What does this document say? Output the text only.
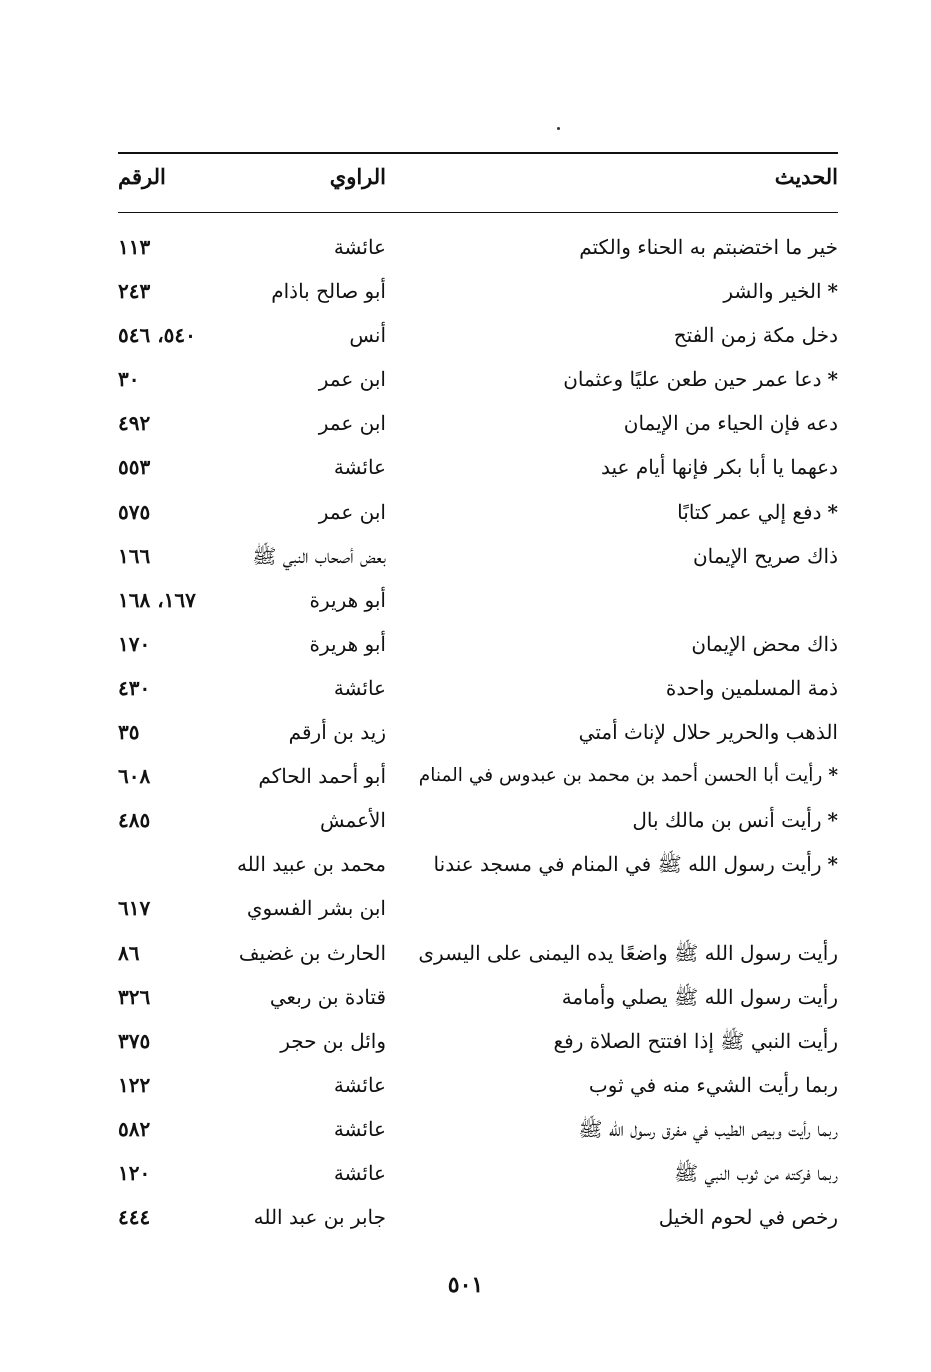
الحديث
الراوي
الرقم
خير ما اختضبتم به الحناء والكتم
عائشة
١١٣
*الخير والشر
أبو صالح باذام
٢٤٣
دخل مكة زمن الفتح
أنس
٥٤٠، ٥٤٦
*دعا عمر حين طعن عليًا وعثمان
ابن عمر
٣٠
دعه فإن الحياء من الإيمان
ابن عمر
٤٩٢
دعهما يا أبا بكر فإنها أيام عيد
عائشة
٥٥٣
*دفع إلي عمر كتابًا
ابن عمر
٥٧٥
ذاك صريح الإيمان
بعض أصحاب النبي ﷺ
١٦٦
أبو هريرة
١٦٧، ١٦٨
ذاك محض الإيمان
أبو هريرة
١٧٠
ذمة المسلمين واحدة
عائشة
٤٣٠
الذهب والحرير حلال لإناث أمتي
زيد بن أرقم
٣٥
*رأيت أبا الحسن أحمد بن محمد بن عبدوس في المنام
أبو أحمد الحاكم
٦٠٨
*رأيت أنس بن مالك بال
الأعمش
٤٨٥
*رأيت رسول الله ﷺ في المنام في مسجد عندنا
محمد بن عبيد الله
ابن بشر الفسوي
٦١٧
رأيت رسول الله ﷺ واضعًا يده اليمنى على اليسرى
الحارث بن غضيف
٨٦
رأيت رسول الله ﷺ يصلي وأمامة
قتادة بن ربعي
٣٢٦
رأيت النبي ﷺ إذا افتتح الصلاة رفع
وائل بن حجر
٣٧٥
ربما رأيت الشيء منه في ثوب
عائشة
١٢٢
ربما رأيت وبيص الطيب في مفرق رسول الله ﷺ
عائشة
٥٨٢
ربما فركته من ثوب النبي ﷺ
عائشة
١٢٠
رخص في لحوم الخيل
جابر بن عبد الله
٤٤٤
٥٠١
